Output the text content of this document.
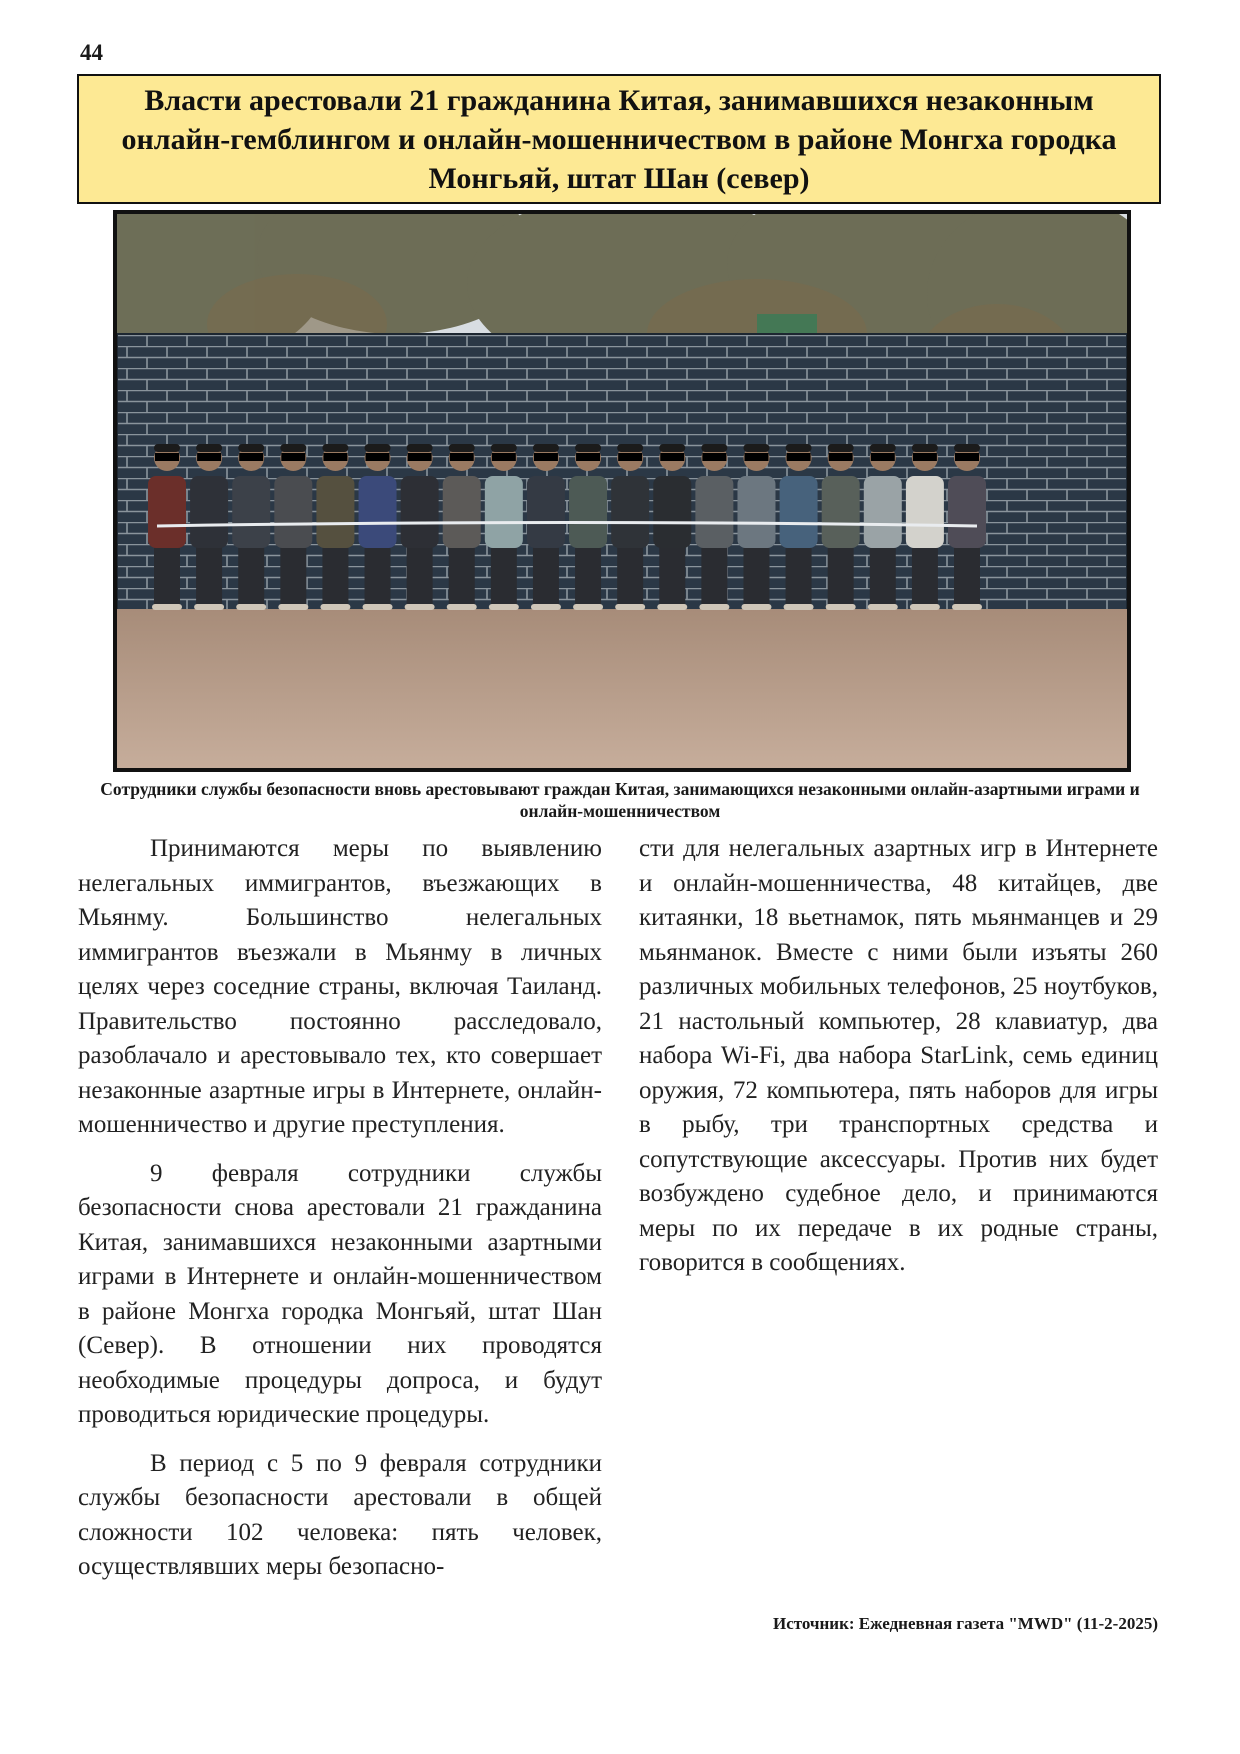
44
Власти арестовали 21 гражданина Китая, занимавшихся незаконным онлайн-гемблингом и онлайн-мошенничеством в районе Монгха городка Монгьяй, штат Шан (север)

Сотрудники службы безопасности вновь арестовывают граждан Китая, занимающихся незаконными онлайн-азартными играми и онлайн-мошенничеством

Принимаются меры по выявлению нелегальных иммигрантов, въезжающих в Мьянму. Большинство нелегальных иммигрантов въезжали в Мьянму в личных целях через соседние страны, включая Таиланд. Правительство постоянно расследовало, разоблачало и арестовывало тех, кто совершает незаконные азартные игры в Интернете, онлайн-мошенничество и другие преступления.

9 февраля сотрудники службы безопасности снова арестовали 21 гражданина Китая, занимавшихся незаконными азартными играми в Интернете и онлайн-мошенничеством в районе Монгха городка Монгьяй, штат Шан (Север). В отношении них проводятся необходимые процедуры допроса, и будут проводиться юридические процедуры.

В период с 5 по 9 февраля сотрудники службы безопасности арестовали в общей сложности 102 человека: пять человек, осуществлявших меры безопасно-

сти для нелегальных азартных игр в Интернете и онлайн-мошенничества, 48 китайцев, две китаянки, 18 вьетнамок, пять мьянманцев и 29 мьянманок. Вместе с ними были изъяты 260 различных мобильных телефонов, 25 ноутбуков, 21 настольный компьютер, 28 клавиатур, два набора Wi-Fi, два набора StarLink, семь единиц оружия, 72 компьютера, пять наборов для игры в рыбу, три транспортных средства и сопутствующие аксессуары. Против них будет возбуждено судебное дело, и принимаются меры по их передаче в их родные страны, говорится в сообщениях.

Источник: Ежедневная газета "MWD" (11-2-2025)
